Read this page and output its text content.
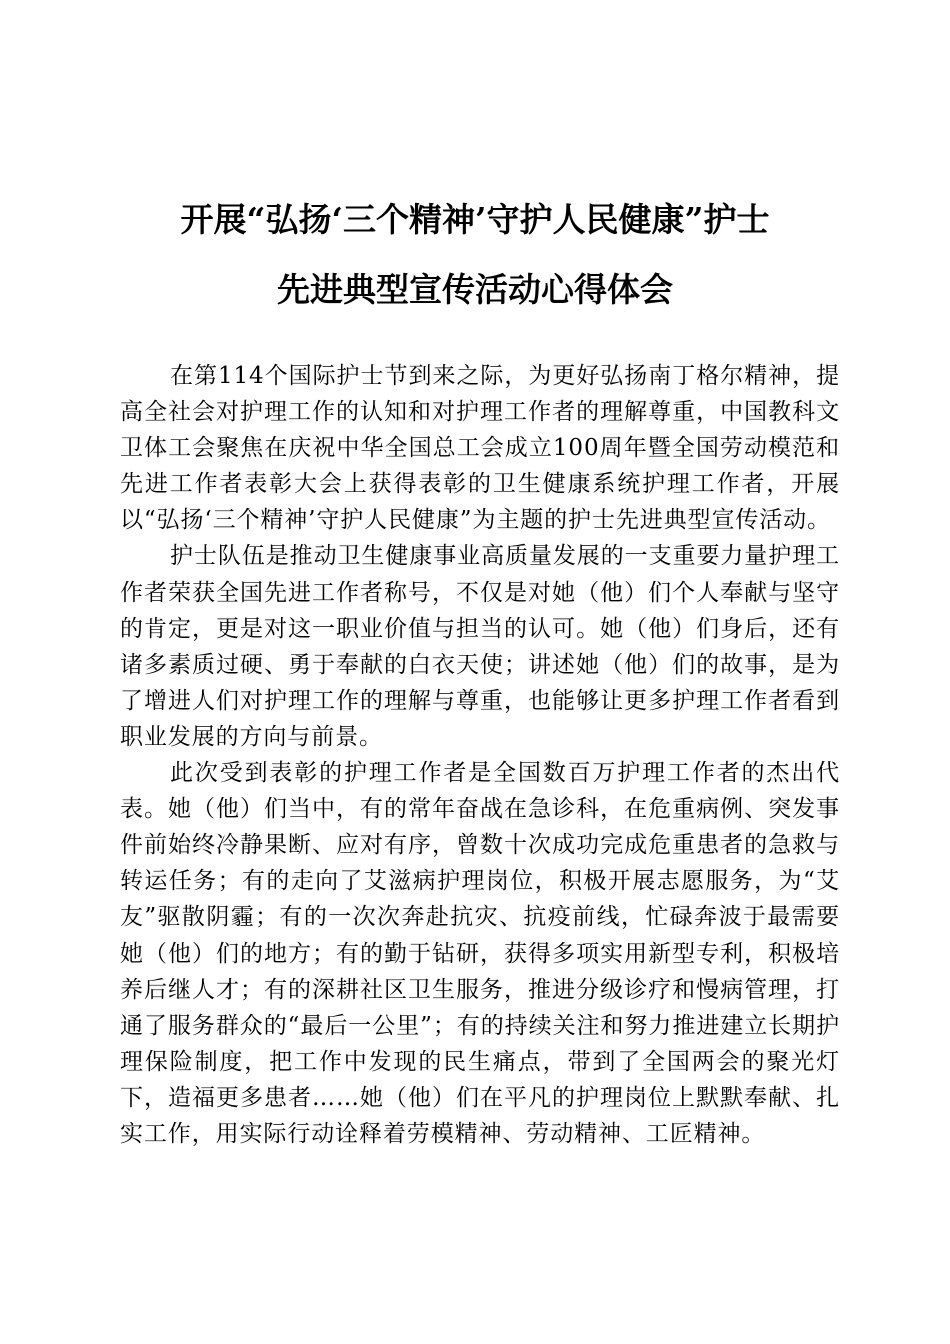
开展“弘扬‘三个精神’守护人民健康”护士
先进典型宣传活动心得体会

在第114个国际护士节到来之际，为更好弘扬南丁格尔精神，提高全社会对护理工作的认知和对护理工作者的理解尊重，中国教科文卫体工会聚焦在庆祝中华全国总工会成立100周年暨全国劳动模范和先进工作者表彰大会上获得表彰的卫生健康系统护理工作者，开展以“弘扬‘三个精神’守护人民健康”为主题的护士先进典型宣传活动。

护士队伍是推动卫生健康事业高质量发展的一支重要力量护理工作者荣获全国先进工作者称号，不仅是对她（他）们个人奉献与坚守的肯定，更是对这一职业价值与担当的认可。她（他）们身后，还有诸多素质过硬、勇于奉献的白衣天使；讲述她（他）们的故事，是为了增进人们对护理工作的理解与尊重，也能够让更多护理工作者看到职业发展的方向与前景。

此次受到表彰的护理工作者是全国数百万护理工作者的杰出代表。她（他）们当中，有的常年奋战在急诊科，在危重病例、突发事件前始终冷静果断、应对有序，曾数十次成功完成危重患者的急救与转运任务；有的走向了艾滋病护理岗位，积极开展志愿服务，为“艾友”驱散阴霾；有的一次次奔赴抗灾、抗疫前线，忙碌奔波于最需要她（他）们的地方；有的勤于钻研，获得多项实用新型专利，积极培养后继人才；有的深耕社区卫生服务，推进分级诊疗和慢病管理，打通了服务群众的“最后一公里”；有的持续关注和努力推进建立长期护理保险制度，把工作中发现的民生痛点，带到了全国两会的聚光灯下，造福更多患者……她（他）们在平凡的护理岗位上默默奉献、扎实工作，用实际行动诠释着劳模精神、劳动精神、工匠精神。
